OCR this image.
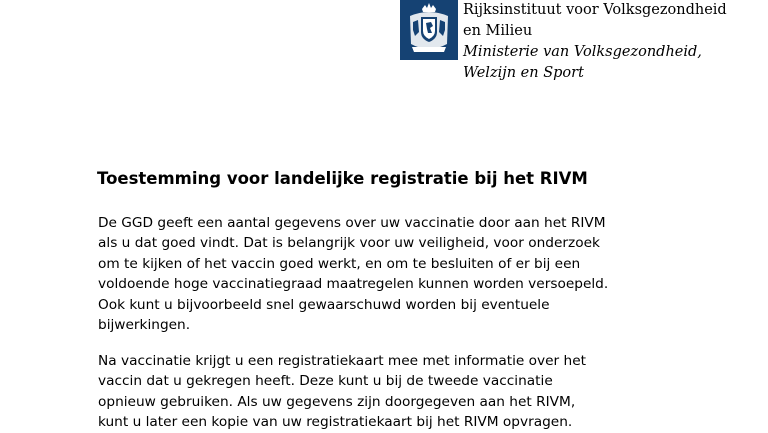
Rijksinstituut voor Volksgezondheid
en Milieu
Ministerie van Volksgezondheid,
Welzijn en Sport
Toestemming voor landelijke registratie bij het RIVM

De GGD geeft een aantal gegevens over uw vaccinatie door aan het RIVM
als u dat goed vindt. Dat is belangrijk voor uw veiligheid, voor onderzoek
om te kijken of het vaccin goed werkt, en om te besluiten of er bij een
voldoende hoge vaccinatiegraad maatregelen kunnen worden versoepeld.
Ook kunt u bijvoorbeeld snel gewaarschuwd worden bij eventuele
bijwerkingen.

Na vaccinatie krijgt u een registratiekaart mee met informatie over het
vaccin dat u gekregen heeft. Deze kunt u bij de tweede vaccinatie
opnieuw gebruiken. Als uw gegevens zijn doorgegeven aan het RIVM,
kunt u later een kopie van uw registratiekaart bij het RIVM opvragen.
